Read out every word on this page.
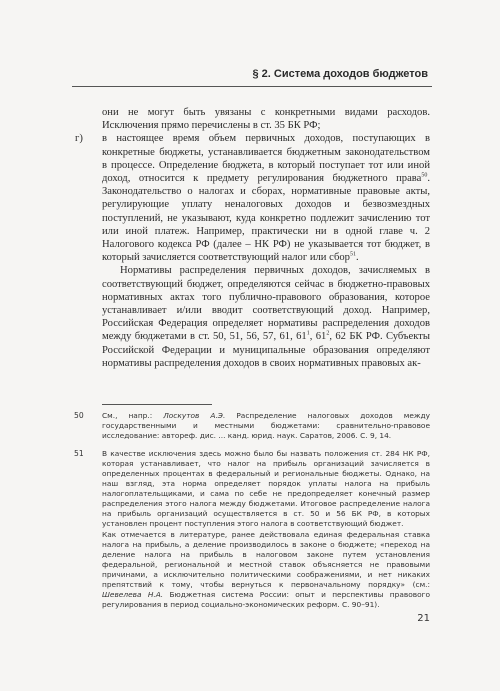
§ 2. Система доходов бюджетов

они не могут быть увязаны с конкретными видами расходов. Исключения прямо перечислены в ст. 35 БК РФ;

г) в настоящее время объем первичных доходов, поступающих в конкретные бюджеты, устанавливается бюджетным законодательством в процессе. Определение бюджета, в который поступает тот или иной доход, относится к предмету регулирования бюджетного права$^{50}$. Законодательство о налогах и сборах, нормативные правовые акты, регулирующие уплату неналоговых доходов и безвозмездных поступлений, не указывают, куда конкретно подлежит зачислению тот или иной платеж. Например, практически ни в одной главе ч. 2 Налогового кодекса РФ (далее – НК РФ) не указывается тот бюджет, в который зачисляется соответствующий налог или сбор$^{51}$.

Нормативы распределения первичных доходов, зачисляемых в соответствующий бюджет, определяются сейчас в бюджетно-правовых нормативных актах того публично-правового образования, которое устанавливает и/или вводит соответствующий доход. Например, Российская Федерация определяет нормативы распределения доходов между бюджетами в ст. 50, 51, 56, 57, 61, $61^1$, $61^2$, 62 БК РФ. Субъекты Российской Федерации и муниципальные образования определяют нормативы распределения доходов в своих нормативных правовых ак-

50 См., напр.: Лоскутов А.Э. Распределение налоговых доходов между государственными и местными бюджетами: сравнительно-правовое исследование: автореф. дис. ... канд. юрид. наук. Саратов, 2006. С. 9, 14.

51 В качестве исключения здесь можно было бы назвать положения ст. 284 НК РФ, которая устанавливает, что налог на прибыль организаций зачисляется в определенных процентах в федеральный и региональные бюджеты. Однако, на наш взгляд, эта норма определяет порядок уплаты налога на прибыль налогоплательщиками, и сама по себе не предопределяет конечный размер распределения этого налога между бюджетами. Итоговое распределение налога на прибыль организаций осуществляется в ст. 50 и 56 БК РФ, в которых установлен процент поступления этого налога в соответствующий бюджет.

Как отмечается в литературе, ранее действовала единая федеральная ставка налога на прибыль, а деление производилось в законе о бюджете; «переход на деление налога на прибыль в налоговом законе путем установления федеральной, региональной и местной ставок объясняется не правовыми причинами, а исключительно политическими соображениями, и нет никаких препятствий к тому, чтобы вернуться к первоначальному порядку» (см.: Шевелева Н.А. Бюджетная система России: опыт и перспективы правового регулирования в период социально-экономических реформ. С. 90–91).

21
